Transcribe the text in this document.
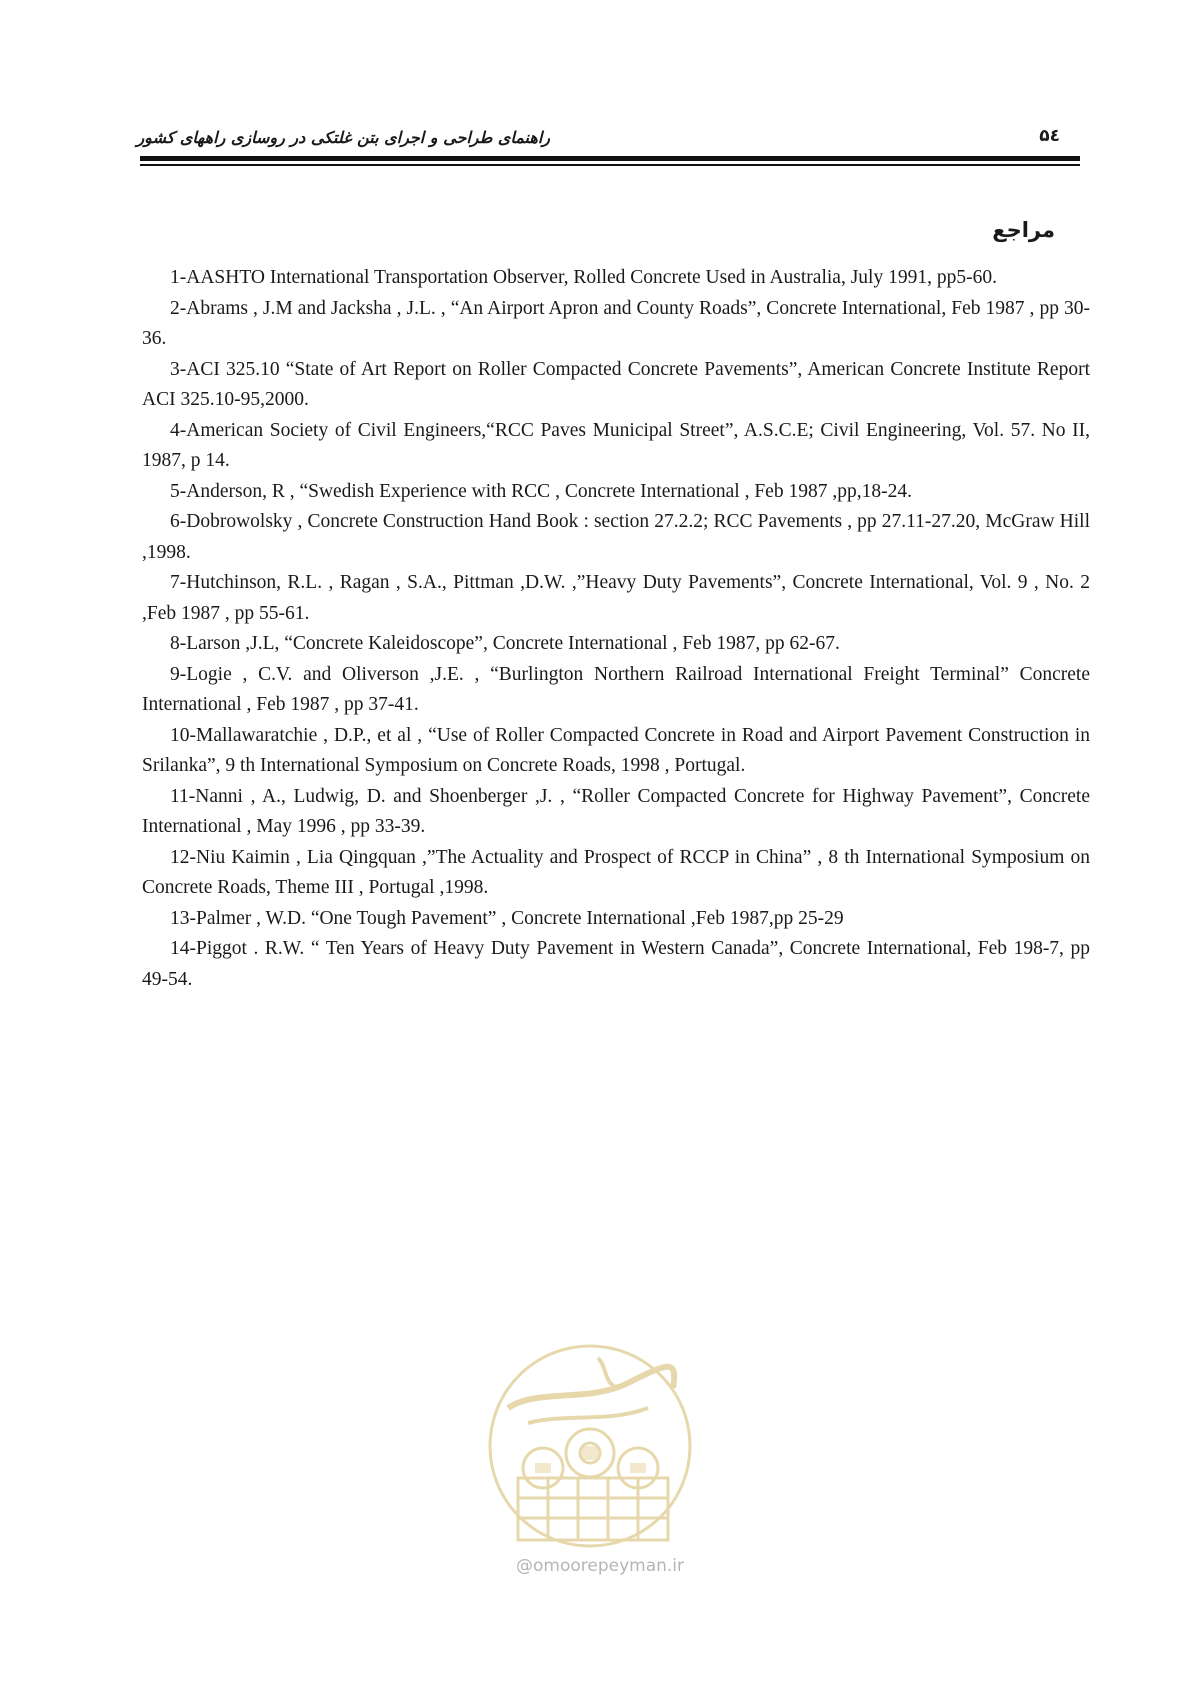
راهنمای طراحی و اجرای بتن غلتکی در روسازی راههای کشور	۵٤
مراجع
1-AASHTO International Transportation Observer, Rolled Concrete Used in Australia, July 1991, pp5-60.
2-Abrams , J.M and Jacksha , J.L. , “An Airport Apron and County Roads”, Concrete International, Feb 1987 , pp 30-36.
3-ACI 325.10 “State of Art Report on Roller Compacted Concrete Pavements”, American Concrete Institute Report ACI 325.10-95,2000.
4-American Society of Civil Engineers,“RCC Paves Municipal Street”, A.S.C.E; Civil Engineering, Vol. 57. No II, 1987, p 14.
5-Anderson, R , “Swedish Experience with RCC , Concrete International , Feb 1987 ,pp,18-24.
6-Dobrowolsky , Concrete Construction Hand Book : section 27.2.2; RCC Pavements , pp 27.11-27.20, McGraw Hill ,1998.
7-Hutchinson, R.L. , Ragan , S.A., Pittman ,D.W. ,”Heavy Duty Pavements”, Concrete International, Vol. 9 , No. 2 ,Feb 1987 , pp 55-61.
8-Larson ,J.L, “Concrete Kaleidoscope”, Concrete International , Feb 1987, pp 62-67.
9-Logie , C.V. and Oliverson ,J.E. , “Burlington Northern Railroad International Freight Terminal” Concrete International , Feb 1987 , pp 37-41.
10-Mallawaratchie , D.P., et al , “Use of Roller Compacted Concrete in Road and Airport Pavement Construction in Srilanka”, 9 th International Symposium on Concrete Roads, 1998 , Portugal.
11-Nanni , A., Ludwig, D. and Shoenberger ,J. , “Roller Compacted Concrete for Highway Pavement”, Concrete International , May 1996 , pp 33-39.
12-Niu Kaimin , Lia Qingquan ,”The Actuality and Prospect of RCCP in China” , 8 th International Symposium on Concrete Roads, Theme III , Portugal ,1998.
13-Palmer , W.D. “One Tough Pavement” , Concrete International ,Feb 1987,pp 25-29
14-Piggot . R.W. “ Ten Years of Heavy Duty Pavement in Western Canada”, Concrete International, Feb 198-7, pp 49-54.
@omoorepeyman.ir
